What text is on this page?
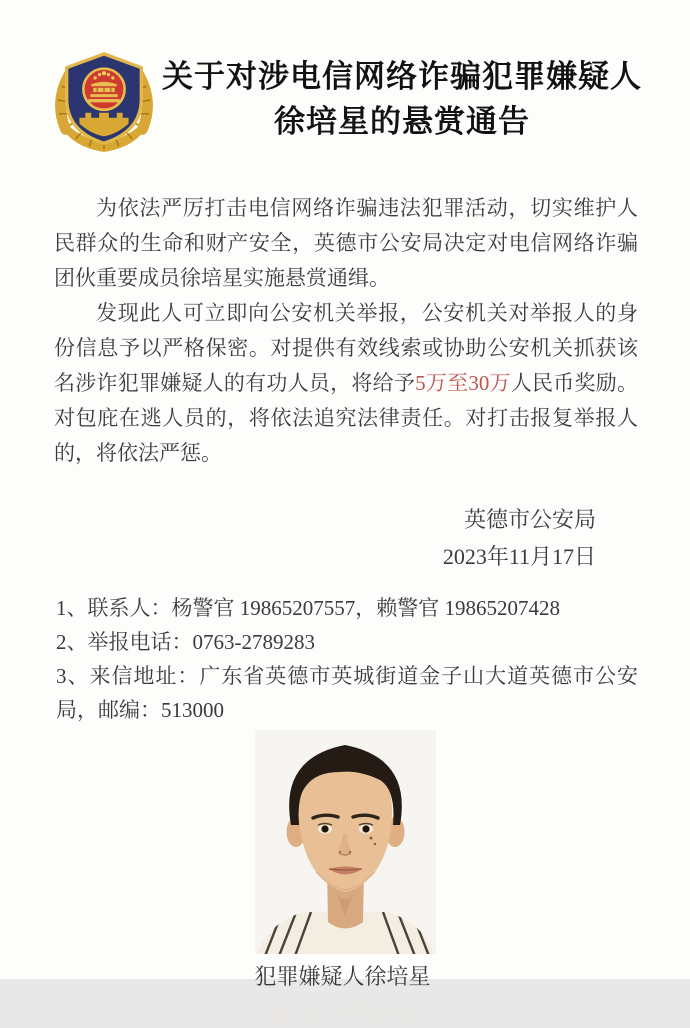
关于对涉电信网络诈骗犯罪嫌疑人
徐培星的悬赏通告

为依法严厉打击电信网络诈骗违法犯罪活动，切实维护人民群众的生命和财产安全，英德市公安局决定对电信网络诈骗团伙重要成员徐培星实施悬赏通缉。

发现此人可立即向公安机关举报，公安机关对举报人的身份信息予以严格保密。对提供有效线索或协助公安机关抓获该名涉诈犯罪嫌疑人的有功人员，将给予5万至30万人民币奖励。对包庇在逃人员的，将依法追究法律责任。对打击报复举报人的，将依法严惩。

英德市公安局
2023年11月17日
1、联系人：杨警官 19865207557，赖警官 19865207428
2、举报电话：0763-2789283
3、来信地址：广东省英德市英城街道金子山大道英德市公安局，邮编：513000
犯罪嫌疑人徐培星
@央视新闻
